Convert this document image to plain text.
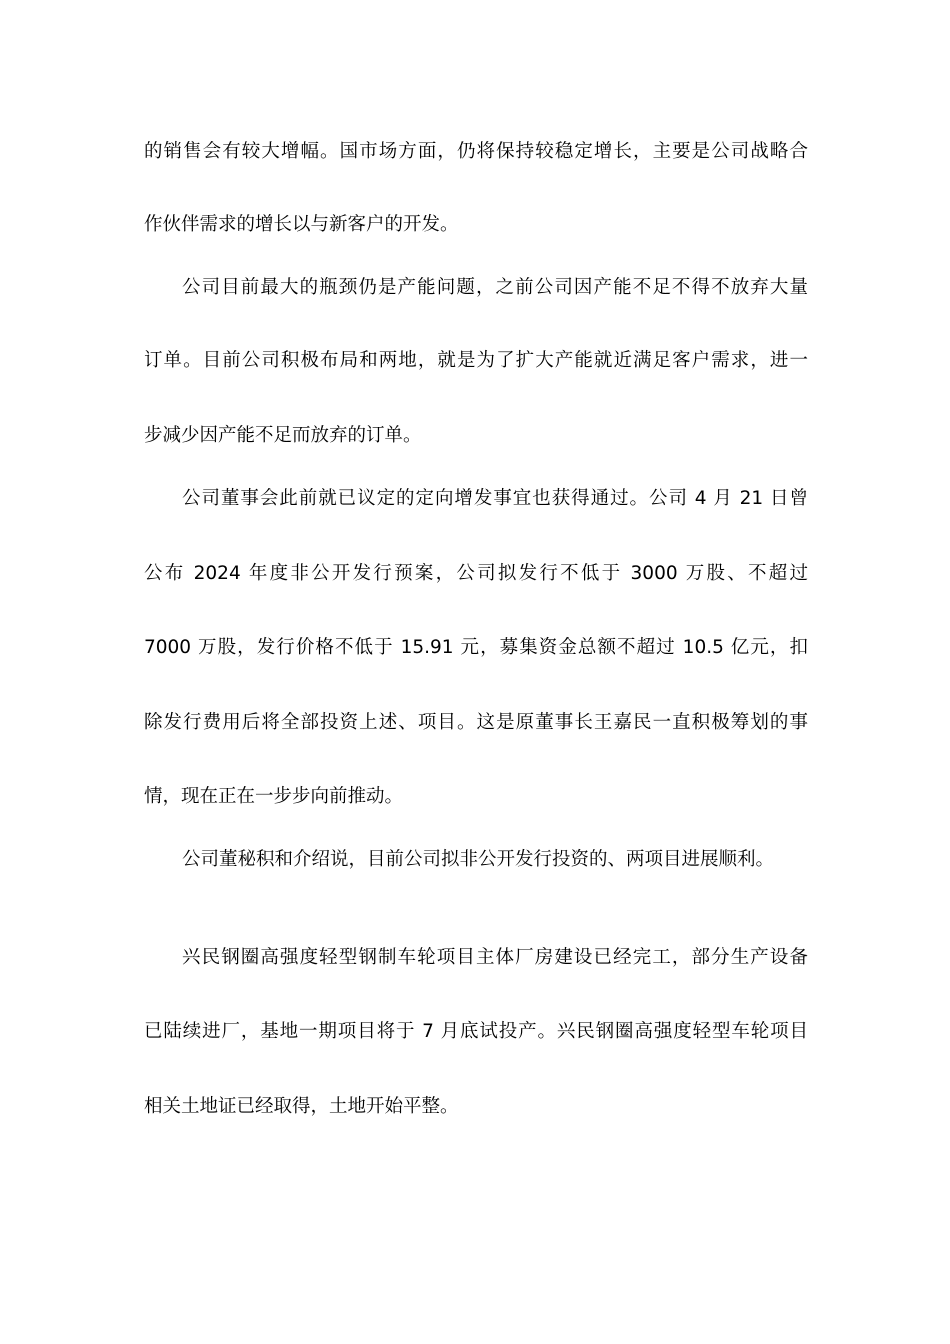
的销售会有较大增幅。国市场方面，仍将保持较稳定增长，主要是公司战略合
作伙伴需求的增长以与新客户的开发。
公司目前最大的瓶颈仍是产能问题，之前公司因产能不足不得不放弃大量
订单。目前公司积极布局和两地，就是为了扩大产能就近满足客户需求，进一
步减少因产能不足而放弃的订单。
公司董事会此前就已议定的定向增发事宜也获得通过。公司 4 月 21 日曾
公布 2024 年度非公开发行预案，公司拟发行不低于 3000 万股、不超过
7000 万股，发行价格不低于 15.91 元，募集资金总额不超过 10.5 亿元，扣
除发行费用后将全部投资上述、项目。这是原董事长王嘉民一直积极筹划的事
情，现在正在一步步向前推动。
公司董秘积和介绍说，目前公司拟非公开发行投资的、两项目进展顺利。
兴民钢圈高强度轻型钢制车轮项目主体厂房建设已经完工，部分生产设备
已陆续进厂，基地一期项目将于 7 月底试投产。兴民钢圈高强度轻型车轮项目
相关土地证已经取得，土地开始平整。
